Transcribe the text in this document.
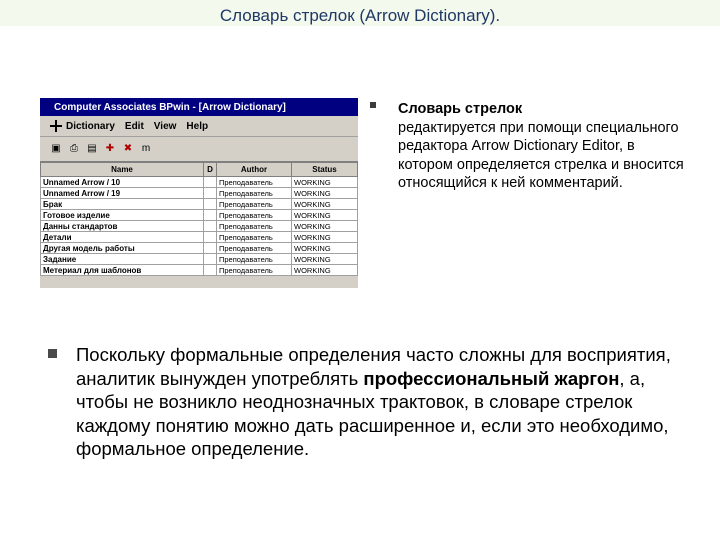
Словарь стрелок (Arrow Dictionary).
Computer Associates BPwin - [Arrow Dictionary]
Dictionary Edit View Help
▣ ⎙ ▤ ✚ ✖ m
Name	D	Author	Status
Unnamed Arrow / 10		Преподаватель	WORKING
Unnamed Arrow / 19		Преподаватель	WORKING
Брак		Преподаватель	WORKING
Готовое изделие		Преподаватель	WORKING
Данны стандартов		Преподаватель	WORKING
Детали		Преподаватель	WORKING
Другая модель работы		Преподаватель	WORKING
Задание		Преподаватель	WORKING
Метериал для шаблонов		Преподаватель	WORKING
Словарь стрелок
редактируется при помощи специального редактора Arrow Dictionary Editor, в котором определяется стрелка и вносится относящийся к ней комментарий.
Поскольку формальные определения часто сложны для восприятия, аналитик вынужден употреблять профессиональный жаргон, а, чтобы не возникло неоднозначных трактовок, в словаре стрелок каждому понятию можно дать расширенное и, если это необходимо, формальное определение.
